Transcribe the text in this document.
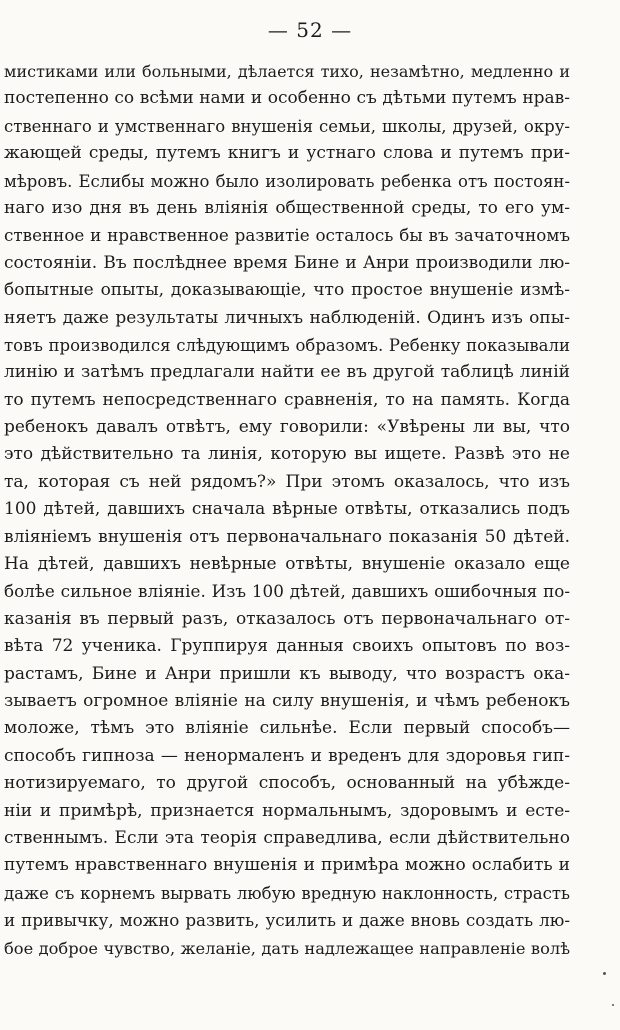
— 52 —
мистиками или больными, дѣлается тихо, незамѣтно, медленно и
постепенно со всѣми нами и особенно съ дѣтьми путемъ нрав-
ственнаго и умственнаго внушенія семьи, школы, друзей, окру-
жающей среды, путемъ книгъ и устнаго слова и путемъ при-
мѣровъ. Еслибы можно было изолировать ребенка отъ постоян-
наго изо дня въ день вліянія общественной среды, то его ум-
ственное и нравственное развитіе осталось бы въ зачаточномъ
состояніи. Въ послѣднее время Бине и Анри производили лю-
бопытные опыты, доказывающіе, что простое внушеніе измѣ-
няетъ даже результаты личныхъ наблюденій. Одинъ изъ опы-
товъ производился слѣдующимъ образомъ. Ребенку показывали
линію и затѣмъ предлагали найти ее въ другой таблицѣ линій
то путемъ непосредственнаго сравненія, то на память. Когда
ребенокъ давалъ отвѣтъ, ему говорили: «Увѣрены ли вы, что
это дѣйствительно та линія, которую вы ищете. Развѣ это не
та, которая съ ней рядомъ?» При этомъ оказалось, что изъ
100 дѣтей, давшихъ сначала вѣрные отвѣты, отказались подъ
вліяніемъ внушенія отъ первоначальнаго показанія 50 дѣтей.
На дѣтей, давшихъ невѣрные отвѣты, внушеніе оказало еще
болѣе сильное вліяніе. Изъ 100 дѣтей, давшихъ ошибочныя по-
казанія въ первый разъ, отказалось отъ первоначальнаго от-
вѣта 72 ученика. Группируя данныя своихъ опытовъ по воз-
растамъ, Бине и Анри пришли къ выводу, что возрастъ ока-
зываетъ огромное вліяніе на силу внушенія, и чѣмъ ребенокъ
моложе, тѣмъ это вліяніе сильнѣе. Если первый способъ—
способъ гипноза — ненормаленъ и вреденъ для здоровья гип-
нотизируемаго, то другой способъ, основанный на убѣжде-
ніи и примѣрѣ, признается нормальнымъ, здоровымъ и есте-
ственнымъ. Если эта теорія справедлива, если дѣйствительно
путемъ нравственнаго внушенія и примѣра можно ослабить и
даже съ корнемъ вырвать любую вредную наклонность, страсть
и привычку, можно развить, усилить и даже вновь создать лю-
бое доброе чувство, желаніе, дать надлежащее направленіе волѣ
